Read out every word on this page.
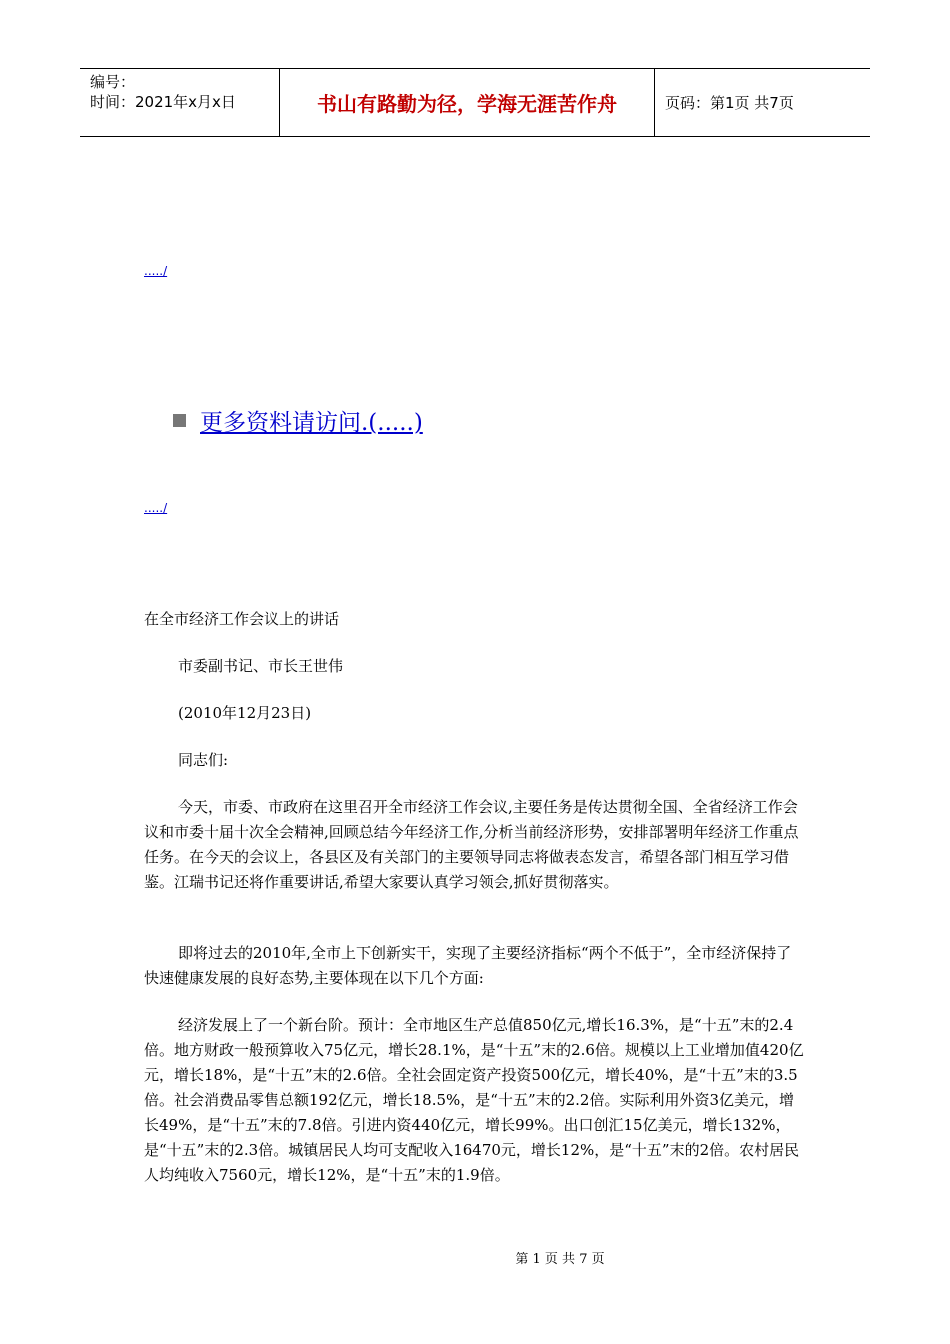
编号：
时间：2021年x月x日	书山有路勤为径，学海无涯苦作舟	页码：第1页 共7页
...../
更多资料请访问.(.....)
...../

在全市经济工作会议上的讲话

市委副书记、市长王世伟

(2010年12月23日)

同志们:

今天，市委、市政府在这里召开全市经济工作会议,主要任务是传达贯彻全国、全省经济工作会议和市委十届十次全会精神,回顾总结今年经济工作,分析当前经济形势，安排部署明年经济工作重点任务。在今天的会议上，各县区及有关部门的主要领导同志将做表态发言，希望各部门相互学习借鉴。江瑞书记还将作重要讲话,希望大家要认真学习领会,抓好贯彻落实。

即将过去的2010年,全市上下创新实干，实现了主要经济指标“两个不低于”，全市经济保持了快速健康发展的良好态势,主要体现在以下几个方面:

经济发展上了一个新台阶。预计：全市地区生产总值850亿元,增长16.3%，是“十五”末的2.4倍。地方财政一般预算收入75亿元，增长28.1%，是“十五”末的2.6倍。规模以上工业增加值420亿元，增长18%，是“十五”末的2.6倍。全社会固定资产投资500亿元，增长40%，是“十五”末的3.5倍。社会消费品零售总额192亿元，增长18.5%，是“十五”末的2.2倍。实际利用外资3亿美元，增长49%，是“十五”末的7.8倍。引进内资440亿元，增长99%。出口创汇15亿美元，增长132%，是“十五”末的2.3倍。城镇居民人均可支配收入16470元，增长12%，是“十五”末的2倍。农村居民人均纯收入7560元，增长12%，是“十五”末的1.9倍。

第 1 页 共 7 页
